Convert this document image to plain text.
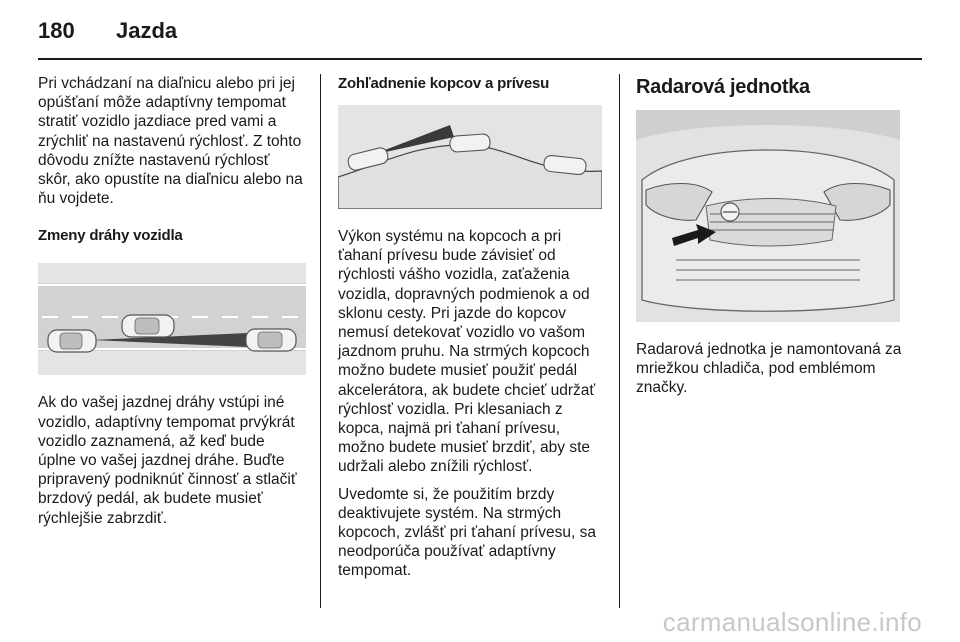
180	Jazda

Pri vchádzaní na diaľnicu alebo pri jej opúšťaní môže adaptívny tempomat stratiť vozidlo jazdiace pred vami a zrýchliť na nastavenú rýchlosť. Z tohto dôvodu znížte nastavenú rýchlosť skôr, ako opustíte na diaľnicu alebo na ňu vojdete.

Zmeny dráhy vozidla

Ak do vašej jazdnej dráhy vstúpi iné vozidlo, adaptívny tempomat prvýkrát vozidlo zaznamená, až keď bude úplne vo vašej jazdnej dráhe. Buďte pripravený podniknúť činnosť a stlačiť brzdový pedál, ak budete musieť rýchlejšie zabrzdiť.

Zohľadnenie kopcov a prívesu

Výkon systému na kopcoch a pri ťahaní prívesu bude závisieť od rýchlosti vášho vozidla, zaťaženia vozidla, dopravných podmienok a od sklonu cesty. Pri jazde do kopcov nemusí detekovať vozidlo vo vašom jazdnom pruhu. Na strmých kopcoch možno budete musieť použiť pedál akcelerátora, ak budete chcieť udržať rýchlosť vozidla. Pri klesaniach z kopca, najmä pri ťahaní prívesu, možno budete musieť brzdiť, aby ste udržali alebo znížili rýchlosť.

Uvedomte si, že použitím brzdy deaktivujete systém. Na strmých kopcoch, zvlášť pri ťahaní prívesu, sa neodporúča používať adaptívny tempomat.

Radarová jednotka

Radarová jednotka je namontovaná za mriežkou chladiča, pod emblémom značky.

carmanualsonline.info
